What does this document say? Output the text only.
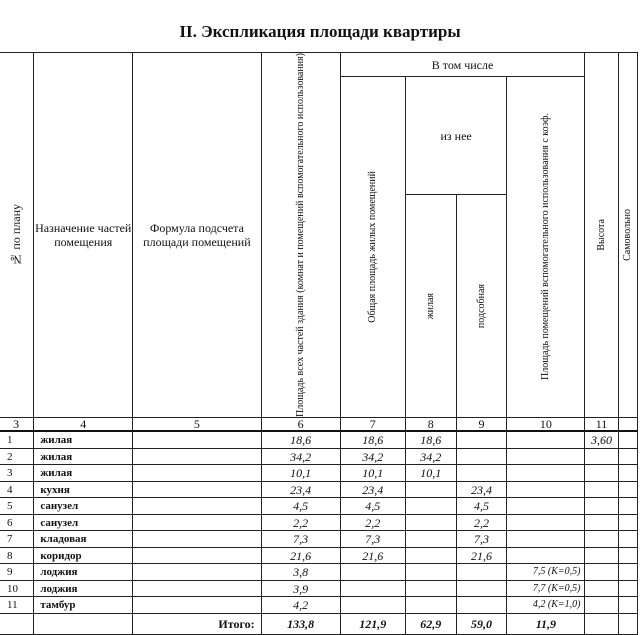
II. Экспликация площади квартиры
№ по плану	Назначение частей помещения	Формула подсчета площади помещений	Площадь всех частей здания (комнат и помещений вспомогательного использования)	В том числе				Высота	Самовольно

				Общая площадь жилых помещений	из нее		Площадь помещений вспомогательного использования с коэф.		

					жилая	подсобная			

3	4	5	6	7	8	9	10	11	
1	жилая		18,6	18,6	18,6			3,60	
2	жилая		34,2	34,2	34,2				
3	жилая		10,1	10,1	10,1				
4	кухня		23,4	23,4		23,4			
5	санузел		4,5	4,5		4,5			
6	санузел		2,2	2,2		2,2			
7	кладовая		7,3	7,3		7,3			
8	коридор		21,6	21,6		21,6			
9	лоджия		3,8				7,5 (K=0,5)		
10	лоджия		3,9				7,7 (K=0,5)		
11	тамбур		4,2				4,2 (K=1,0)		
		Итого:	133,8	121,9	62,9	59,0	11,9		
